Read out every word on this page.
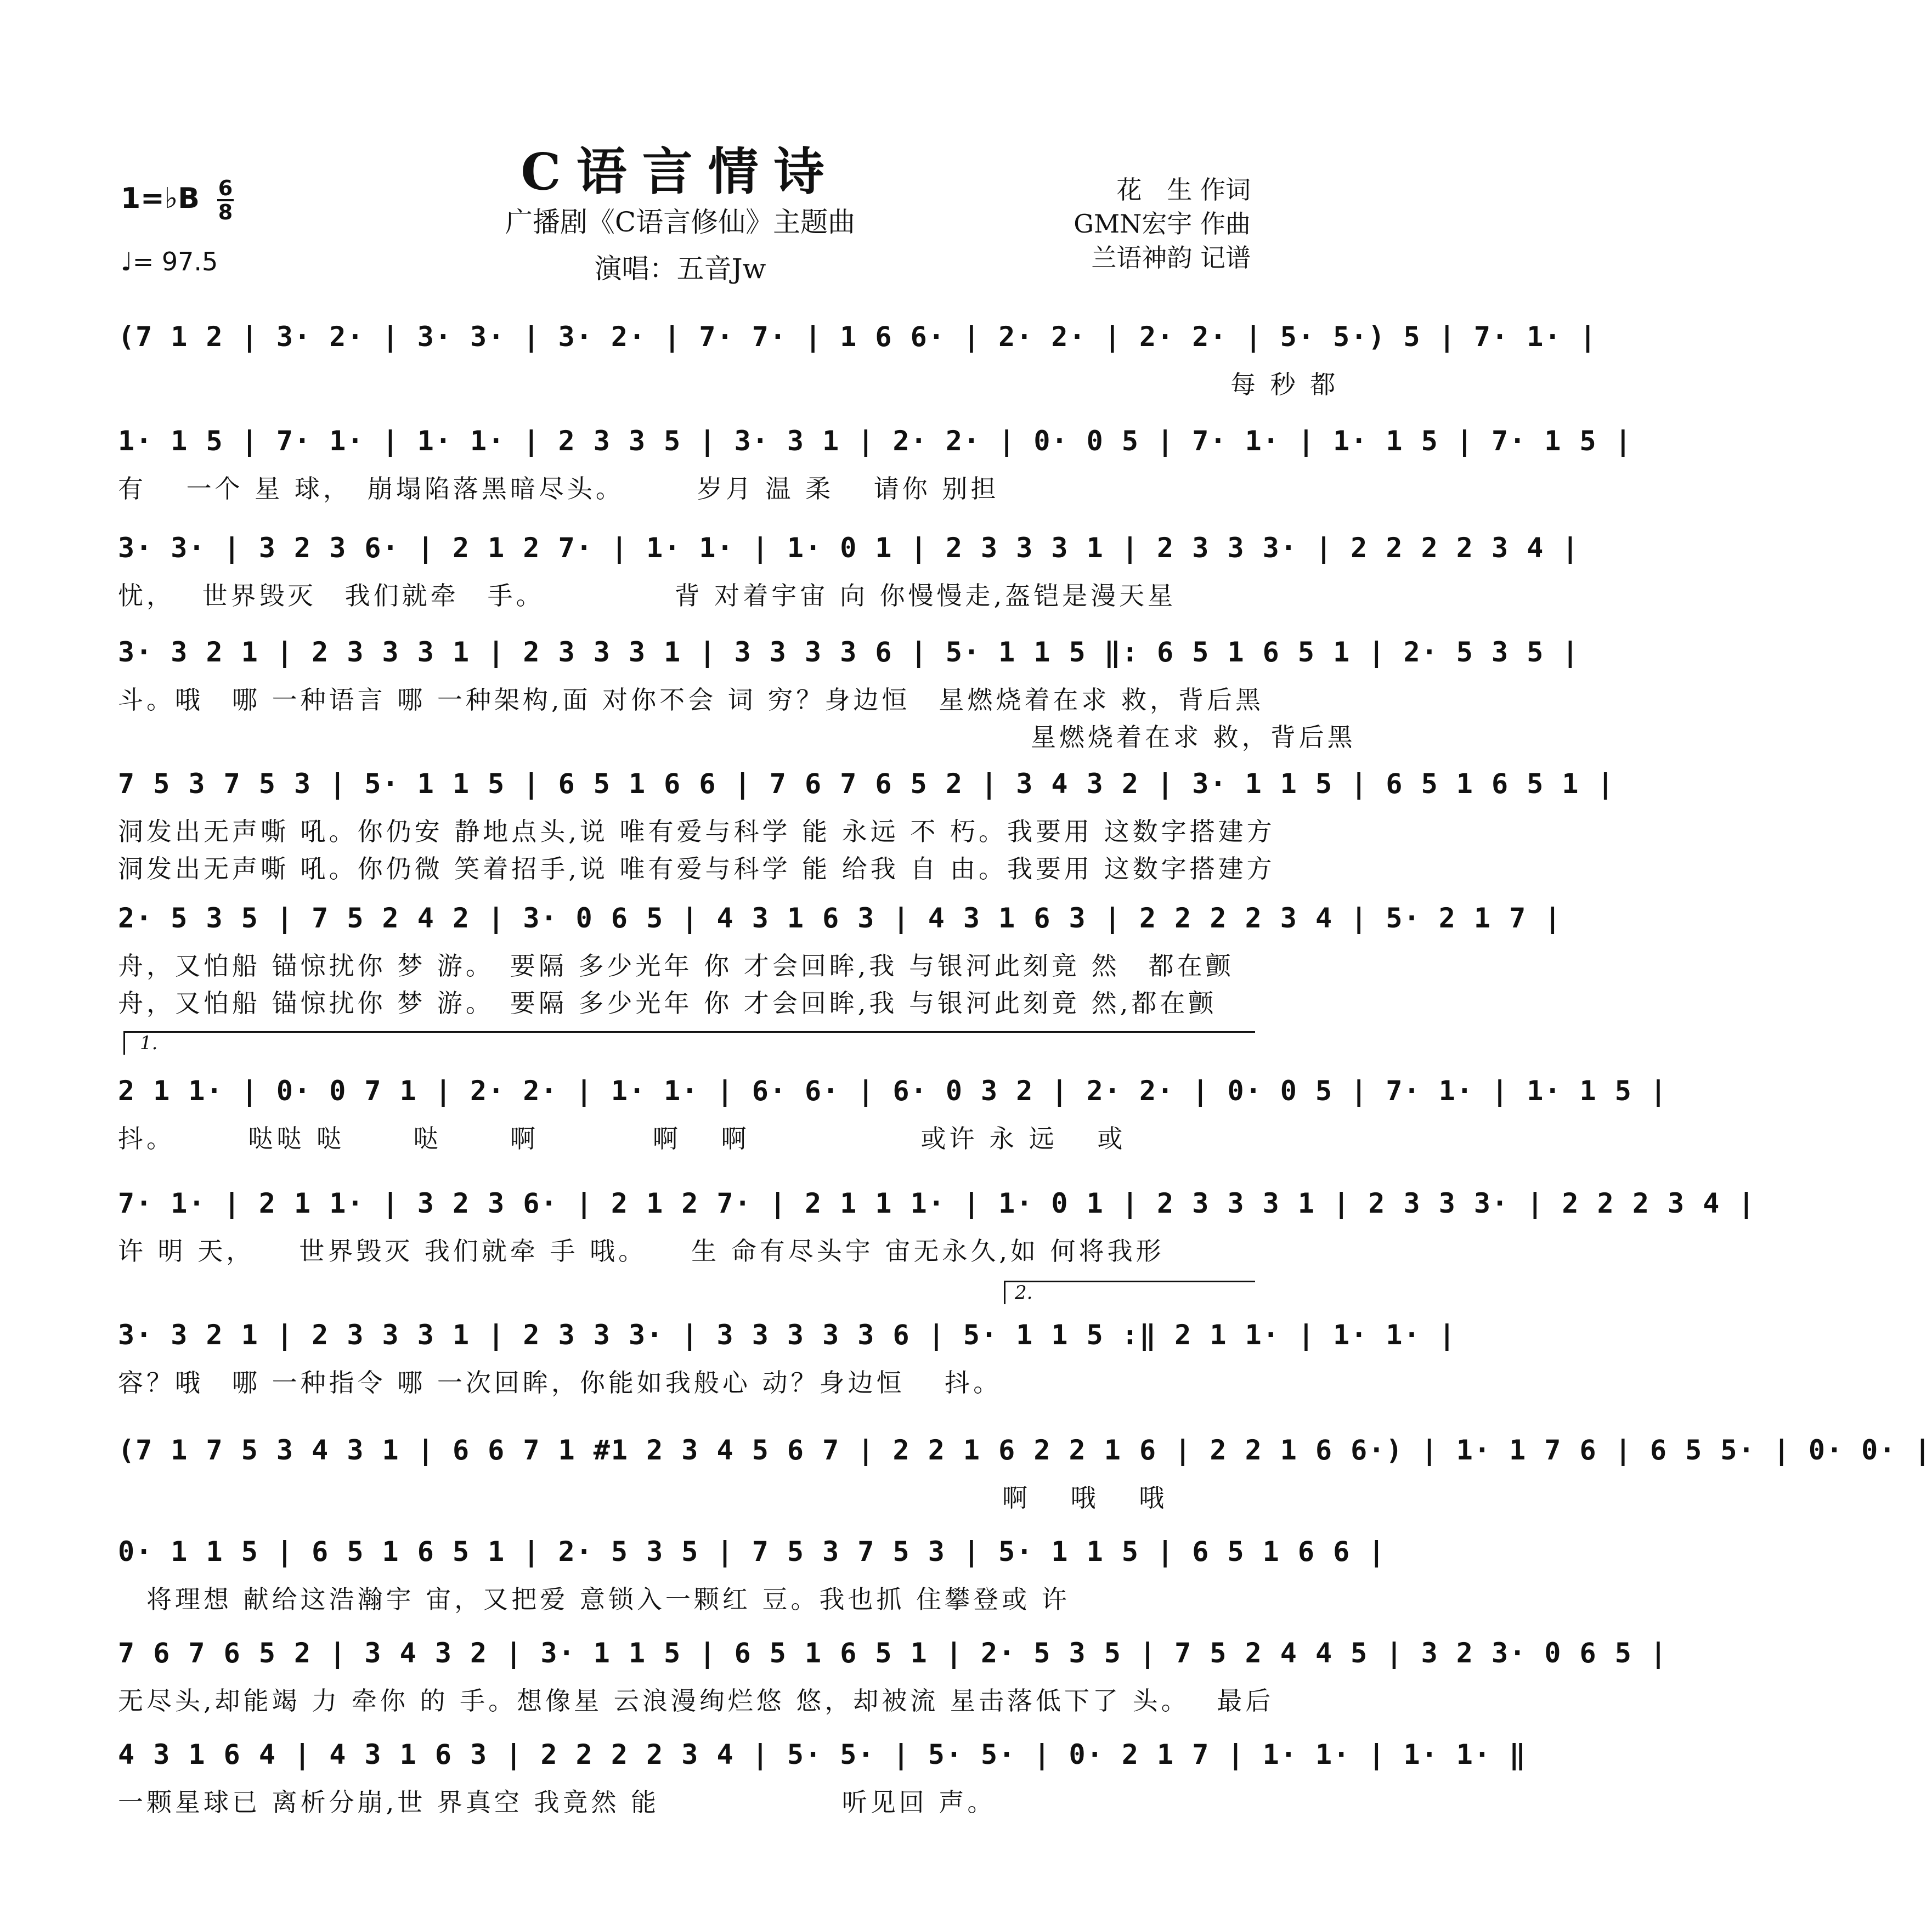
C语言情诗
广播剧《C语言修仙》主题曲
演唱：五音Jw
1=♭B $\frac{6}{8}$
♩= 97.5
花　生 作词
GMN宏宇 作曲
兰语神韵 记谱
1.
2.
(7 1 2 | 3· 2· | 3· 3· | 3· 2· | 7· 7· | 1 6 6· | 2· 2· | 2· 2· | 5· 5·) 5 | 7· 1· |
　　　　　　　　　　　　　　　　　　　　　　　　　　　　　　　　　　　　　　　每 秒 都
1· 1 5 | 7· 1· | 1· 1· | 2 3 3 5 | 3· 3 1 | 2· 2· | 0· 0 5 | 7· 1· | 1· 1 5 | 7· 1 5 |
有　 一个 星 球，　崩塌陷落黑暗尽头。　　　岁月 温 柔　 请你 别担
3· 3· | 3 2 3 6· | 2 1 2 7· | 1· 1· | 1· 0 1 | 2 3 3 3 1 | 2 3 3 3· | 2 2 2 2 3 4 |
忧，　 世界毁灭　我们就牵　手。　　　　　背 对着宇宙 向 你慢慢走,盔铠是漫天星
3· 3 2 1 | 2 3 3 3 1 | 2 3 3 3 1 | 3 3 3 3 6 | 5· 1 1 5 ‖: 6 5 1 6 5 1 | 2· 5 3 5 |
斗。哦　哪 一种语言 哪 一种架构,面 对你不会 词 穷？身边恒　星燃烧着在求 救，背后黑
　　　　　　　　　　　　　　　　　　　　　　　　　　　　　　　　星燃烧着在求 救，背后黑
7 5 3 7 5 3 | 5· 1 1 5 | 6 5 1 6 6 | 7 6 7 6 5 2 | 3 4 3 2 | 3· 1 1 5 | 6 5 1 6 5 1 |
洞发出无声嘶 吼。你仍安 静地点头,说 唯有爱与科学 能 永远 不 朽。我要用 这数字搭建方
洞发出无声嘶 吼。你仍微 笑着招手,说 唯有爱与科学 能 给我 自 由。我要用 这数字搭建方
2· 5 3 5 | 7 5 2 4 2 | 3· 0 6 5 | 4 3 1 6 3 | 4 3 1 6 3 | 2 2 2 2 3 4 | 5· 2 1 7 |
舟，又怕船 锚惊扰你 梦 游。　要隔 多少光年 你 才会回眸,我 与银河此刻竟 然　都在颤
舟，又怕船 锚惊扰你 梦 游。　要隔 多少光年 你 才会回眸,我 与银河此刻竟 然,都在颤
2 1 1· | 0· 0 7 1 | 2· 2· | 1· 1· | 6· 6· | 6· 0 3 2 | 2· 2· | 0· 0 5 | 7· 1· | 1· 1 5 |
抖。　　　哒哒 哒　　 哒　　 啊　　　　啊　 啊　　　　　　或许 永 远　 或
7· 1· | 2 1 1· | 3 2 3 6· | 2 1 2 7· | 2 1 1 1· | 1· 0 1 | 2 3 3 3 1 | 2 3 3 3· | 2 2 2 3 4 |
许 明 天，　　世界毁灭 我们就牵 手 哦。　　生 命有尽头宇 宙无永久,如 何将我形
3· 3 2 1 | 2 3 3 3 1 | 2 3 3 3· | 3 3 3 3 3 6 | 5· 1 1 5 :‖ 2 1 1· | 1· 1· |
容？哦　哪 一种指令 哪 一次回眸，你能如我般心 动？身边恒　 抖。
(7 1 7 5 3 4 3 1 | 6 6 7 1 #1 2 3 4 5 6 7 | 2 2 1 6 2 2 1 6 | 2 2 1 6 6·) | 1· 1 7 6 | 6 5 5· | 0· 0· |
　　　　　　　　　　　　　　　　　　　　　　　　　　　　　　　啊　 哦　 哦
0· 1 1 5 | 6 5 1 6 5 1 | 2· 5 3 5 | 7 5 3 7 5 3 | 5· 1 1 5 | 6 5 1 6 6 |
　将理想 献给这浩瀚宇 宙，又把爱 意锁入一颗红 豆。我也抓 住攀登或 许
7 6 7 6 5 2 | 3 4 3 2 | 3· 1 1 5 | 6 5 1 6 5 1 | 2· 5 3 5 | 7 5 2 4 4 5 | 3 2 3· 0 6 5 |
无尽头,却能竭 力 牵你 的 手。想像星 云浪漫绚烂悠 悠，却被流 星击落低下了 头。　 最后
4 3 1 6 4 | 4 3 1 6 3 | 2 2 2 2 3 4 | 5· 5· | 5· 5· | 0· 2 1 7 | 1· 1· | 1· 1· ‖
一颗星球已 离析分崩,世 界真空 我竟然 能　　　　　　 听见回 声。
